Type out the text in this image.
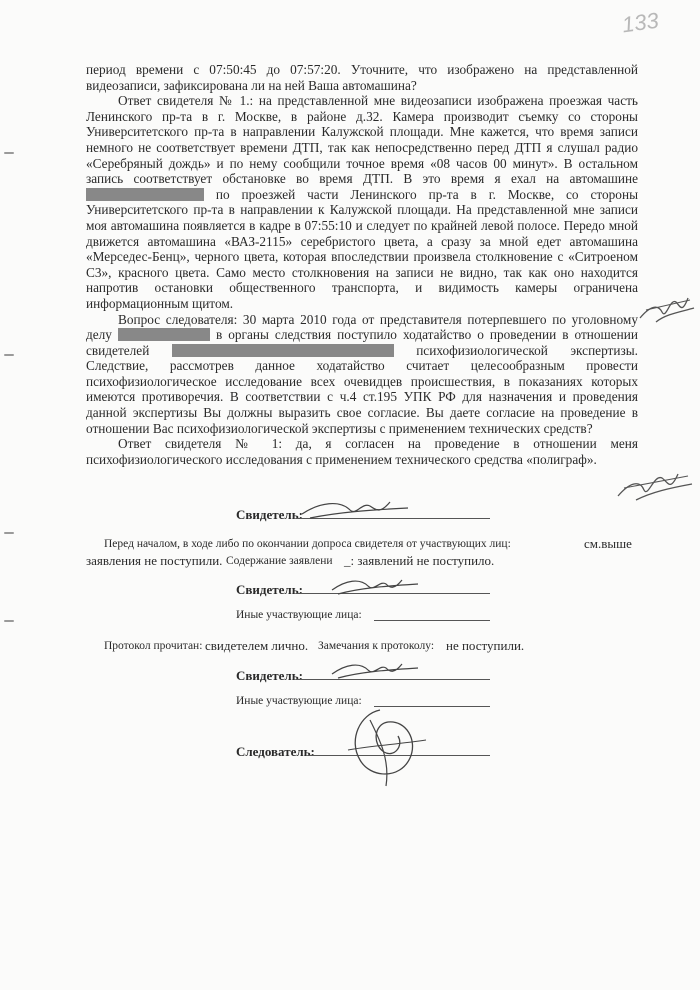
133

период времени с 07:50:45 до 07:57:20. Уточните, что изображено на представленной видеозаписи, зафиксирована ли на ней Ваша автомашина?

Ответ свидетеля № 1.: на представленной мне видеозаписи изображена проезжая часть Ленинского пр-та в г. Москве, в районе д.32. Камера производит съемку со стороны Университетского пр-та в направлении Калужской площади. Мне кажется, что время записи немного не соответствует времени ДТП, так как непосредственно перед ДТП я слушал радио «Серебряный дождь» и по нему сообщили точное время «08 часов 00 минут». В остальном запись соответствует обстановке во время ДТП. В это время я ехал на автомашине  по проезжей части Ленинского пр-та в г. Москве, со стороны Университетского пр-та в направлении к Калужской площади. На представленной мне записи моя автомашина появляется в кадре в 07:55:10 и следует по крайней левой полосе. Передо мной движется автомашина «ВАЗ-2115» серебристого цвета, а сразу за мной едет автомашина «Мерседес-Бенц», черного цвета, которая впоследствии произвела столкновение с «Ситроеном С3», красного цвета. Само место столкновения на записи не видно, так как оно находится напротив остановки общественного транспорта, и видимость камеры ограничена информационным щитом.

Вопрос следователя: 30 марта 2010 года от представителя потерпевшего по уголовному делу	в органы следствия поступило ходатайство о проведении в отношении свидетелей	психофизиологической экспертизы. Следствие, рассмотрев данное ходатайство считает целесообразным провести психофизиологическое исследование всех очевидцев происшествия, в показаниях которых имеются противоречия. В соответствии с ч.4 ст.195 УПК РФ для назначения и проведения данной экспертизы Вы должны выразить свое согласие. Вы даете согласие на проведение в отношении Вас психофизиологической экспертизы с применением технических средств?

Ответ свидетеля № 1: да, я согласен на проведение в отношении меня психофизиологического исследования с применением технического средства «полиграф».

Свидетель:
Перед началом, в ходе либо по окончании допроса свидетеля от участвующих лиц:	см.выше
заявления не поступили. Содержание заявлени _: заявлений не поступило.
Свидетель:
Иные участвующие лица:
Протокол прочитан: свидетелем лично. Замечания к протоколу: не поступили.
Свидетель:
Иные участвующие лица:
Следователь:
